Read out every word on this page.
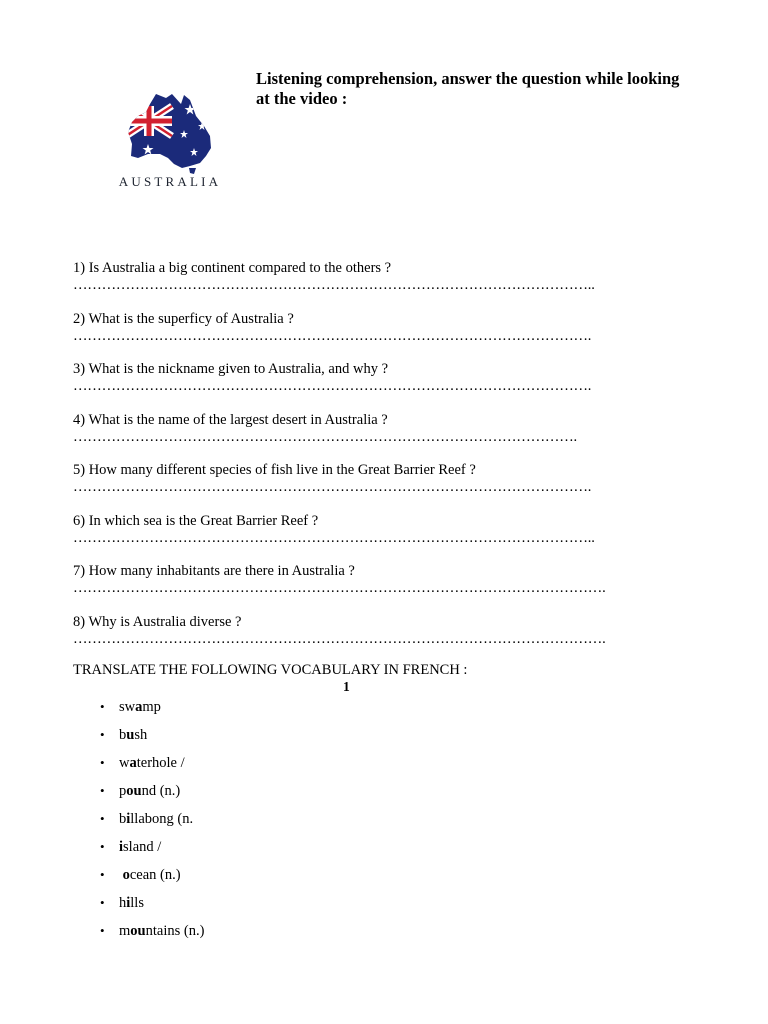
AUSTRALIA
Listening comprehension, answer the question while looking at the video :
1) Is Australia a big continent compared to the others ?
………………………………………………………………………………………………..
2) What is the superficy of Australia ?
……………………………………………………………………………………………….
3) What is the nickname given to Australia, and why ?
……………………………………………………………………………………………….
4) What is the name of the largest desert in Australia ?
…………………………………………………………………………………………….
5) How many different species of fish live in the Great Barrier Reef ?
……………………………………………………………………………………………….
6) In which sea is the Great Barrier Reef ?
………………………………………………………………………………………………..
7) How many inhabitants are there in Australia ?
………………………………………………………………………………………………….
8) Why is Australia diverse ?
………………………………………………………………………………………………….
TRANSLATE THE FOLLOWING VOCABULARY IN FRENCH :
1
• swamp
• bush
• waterhole /
• pound (n.)
• billabong (n.
• island /
• ocean (n.)
• hills
• mountains (n.)
